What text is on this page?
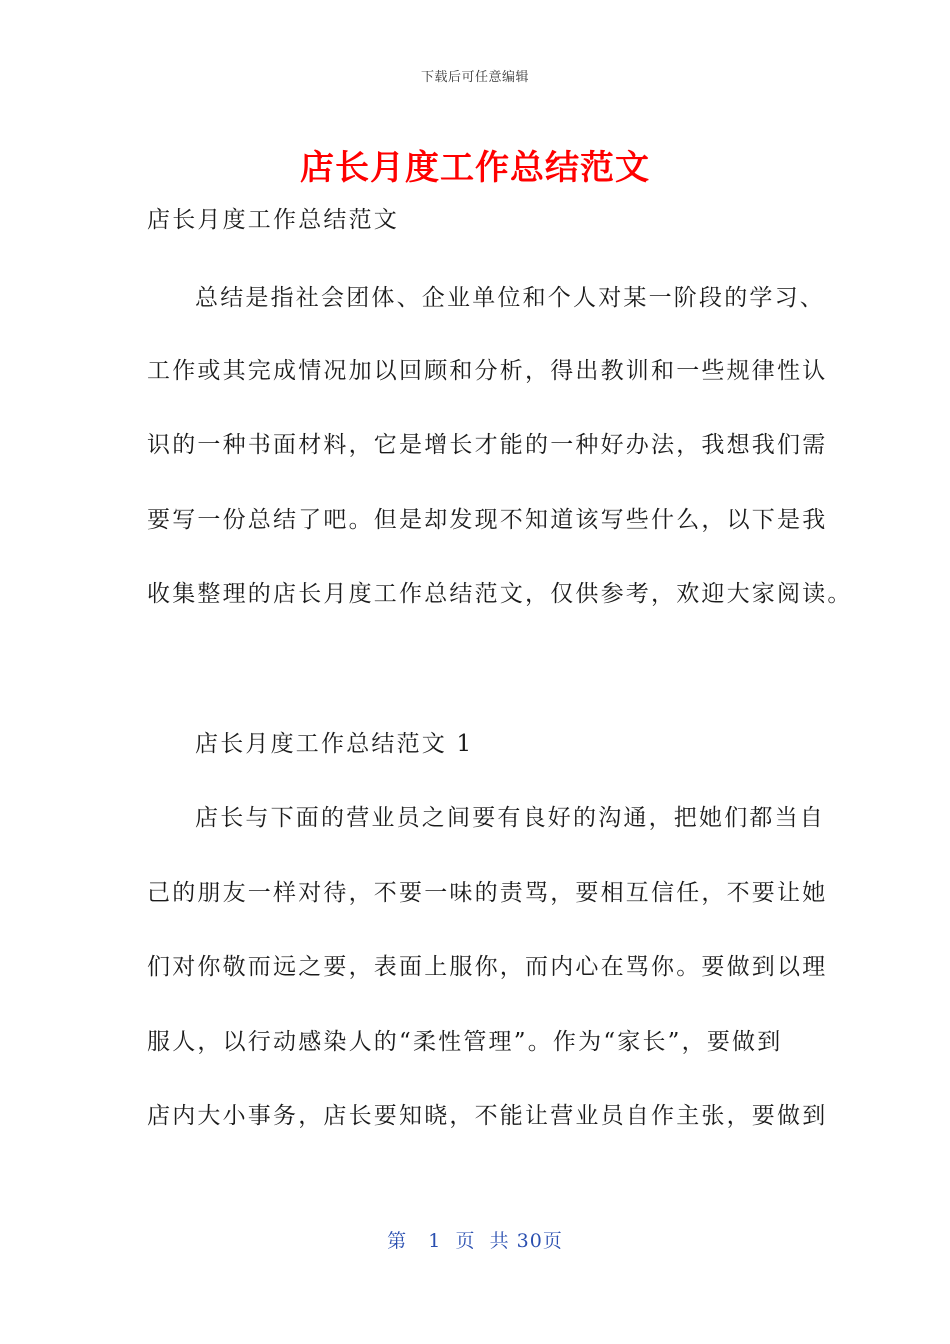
下载后可任意编辑
店长月度工作总结范文
店长月度工作总结范文
总结是指社会团体、企业单位和个人对某一阶段的学习、
工作或其完成情况加以回顾和分析，得出教训和一些规律性认
识的一种书面材料，它是增长才能的一种好办法，我想我们需
要写一份总结了吧。但是却发现不知道该写些什么，以下是我
收集整理的店长月度工作总结范文，仅供参考，欢迎大家阅读。
店长月度工作总结范文 1
店长与下面的营业员之间要有良好的沟通，把她们都当自
己的朋友一样对待，不要一味的责骂，要相互信任，不要让她
们对你敬而远之要，表面上服你，而内心在骂你。要做到以理
服人，以行动感染人的“柔性管理”。作为“家长”，要做到
店内大小事务，店长要知晓，不能让营业员自作主张，要做到
第 1 页  共 30页
